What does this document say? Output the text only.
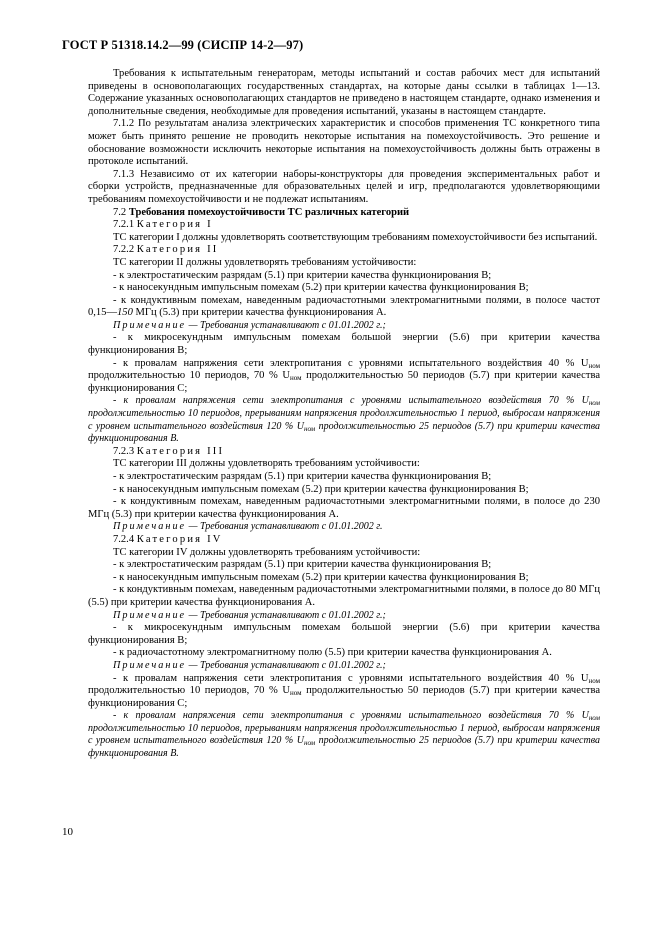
ГОСТ Р 51318.14.2—99 (СИСПР 14-2—97)

Требования к испытательным генераторам, методы испытаний и состав рабочих мест для испытаний приведены в основополагающих государственных стандартах, на которые даны ссылки в таблицах 1—13. Содержание указанных основополагающих стандартов не приведено в настоящем стандарте, однако изменения и дополнительные сведения, необходимые для проведения испытаний, указаны в настоящем стандарте.

7.1.2 По результатам анализа электрических характеристик и способов применения ТС конкретного типа может быть принято решение не проводить некоторые испытания на помехоустойчивость. Это решение и обоснование возможности исключить некоторые испытания на помехоустойчивость должны быть отражены в протоколе испытаний.

7.1.3 Независимо от их категории наборы-конструкторы для проведения экспериментальных работ и сборки устройств, предназначенные для образовательных целей и игр, предполагаются удовлетворяющими требованиям помехоустойчивости и не подлежат испытаниям.

7.2 Требования помехоустойчивости ТС различных категорий

7.2.1 Категория I

ТС категории I должны удовлетворять соответствующим требованиям помехоустойчивости без испытаний.

7.2.2 Категория II

ТС категории II должны удовлетворять требованиям устойчивости:

- к электростатическим разрядам (5.1) при критерии качества функционирования В;

- к наносекундным импульсным помехам (5.2) при критерии качества функционирования В;

- к кондуктивным помехам, наведенным радиочастотными электромагнитными полями, в полосе частот 0,15—150 МГц (5.3) при критерии качества функционирования А.

Примечание — Требования устанавливают с 01.01.2002 г.;

- к микросекундным импульсным помехам большой энергии (5.6) при критерии качества функционирования В;

- к провалам напряжения сети электропитания с уровнями испытательного воздействия 40 % $U_{ном}$ продолжительностью 10 периодов, 70 % $U_{ном}$ продолжительностью 50 периодов (5.7) при критерии качества функционирования С;

- к провалам напряжения сети электропитания с уровнями испытательного воздействия 70 % $U_{ном}$ продолжительностью 10 периодов, прерываниям напряжения продолжительностью 1 период, выбросам напряжения с уровнем испытательного воздействия 120 % $U_{ном}$ продолжительностью 25 периодов (5.7) при критерии качества функционирования В.

7.2.3 Категория III

ТС категории III должны удовлетворять требованиям устойчивости:

- к электростатическим разрядам (5.1) при критерии качества функционирования В;

- к наносекундным импульсным помехам (5.2) при критерии качества функционирования В;

- к кондуктивным помехам, наведенным радиочастотными электромагнитными полями, в полосе до 230 МГц (5.3) при критерии качества функционирования А.

Примечание — Требования устанавливают с 01.01.2002 г.

7.2.4 Категория IV

ТС категории IV должны удовлетворять требованиям устойчивости:

- к электростатическим разрядам (5.1) при критерии качества функционирования В;

- к наносекундным импульсным помехам (5.2) при критерии качества функционирования В;

- к кондуктивным помехам, наведенным радиочастотными электромагнитными полями, в полосе до 80 МГц (5.5) при критерии качества функционирования А.

Примечание — Требования устанавливают с 01.01.2002 г.;

- к микросекундным импульсным помехам большой энергии (5.6) при критерии качества функционирования В;

- к радиочастотному электромагнитному полю (5.5) при критерии качества функционирования А.

Примечание — Требования устанавливают с 01.01.2002 г.;

- к провалам напряжения сети электропитания с уровнями испытательного воздействия 40 % $U_{ном}$ продолжительностью 10 периодов, 70 % $U_{ном}$ продолжительностью 50 периодов (5.7) при критерии качества функционирования С;

- к провалам напряжения сети электропитания с уровнями испытательного воздействия 70 % $U_{ном}$ продолжительностью 10 периодов, прерываниям напряжения продолжительностью 1 период, выбросам напряжения с уровнем испытательного воздействия 120 % $U_{ном}$ продолжительностью 25 периодов (5.7) при критерии качества функционирования В.

10
